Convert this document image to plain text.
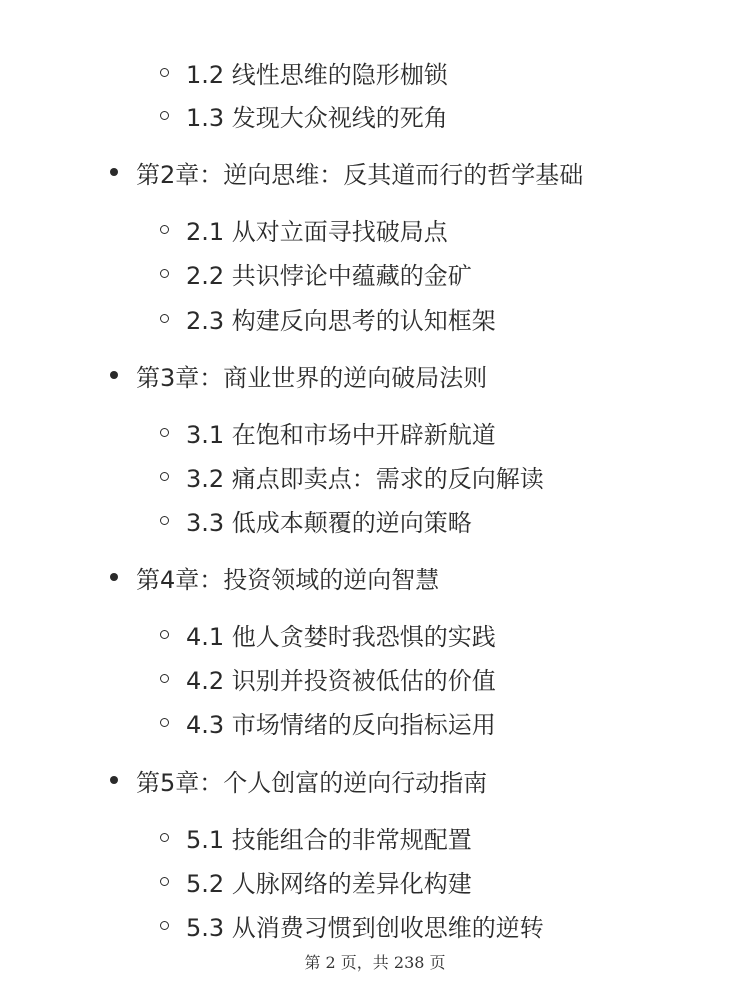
1.2 线性思维的隐形枷锁
1.3 发现大众视线的死角
第2章：逆向思维：反其道而行的哲学基础
2.1 从对立面寻找破局点
2.2 共识悖论中蕴藏的金矿
2.3 构建反向思考的认知框架
第3章：商业世界的逆向破局法则
3.1 在饱和市场中开辟新航道
3.2 痛点即卖点：需求的反向解读
3.3 低成本颠覆的逆向策略
第4章：投资领域的逆向智慧
4.1 他人贪婪时我恐惧的实践
4.2 识别并投资被低估的价值
4.3 市场情绪的反向指标运用
第5章：个人创富的逆向行动指南
5.1 技能组合的非常规配置
5.2 人脉网络的差异化构建
5.3 从消费习惯到创收思维的逆转
第 2 页，共 238 页
